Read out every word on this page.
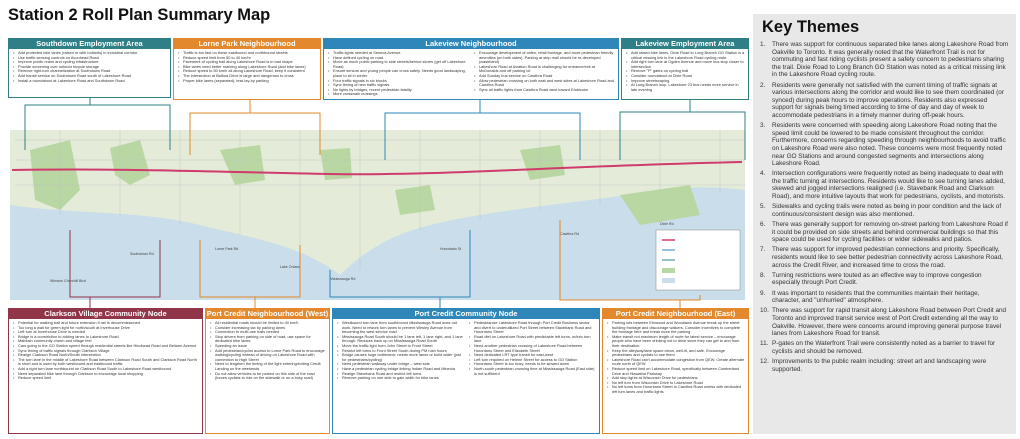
Lake Ontario
Winston Churchill Blvd
Southdown Rd
Lorne Park Rd
Mississauga Rd
Hurontario St
Cawthra Rd
Dixie Rd
Station 2 Roll Plan Summary Map
Southdown Employment Area
• Add protected bike lanes (raised or with bollards) in industrial corridor
• Use traffic sensing controls on Avonhead Road
• Improve public realm and cycling infrastructure
• Provide screening over outdoor bicycle storage
• Remove right-turn channelization at Southdown Road
• Add transit service on Southdown Road south of Lakeshore Road
• Install a roundabout at Lakeshore Road and Southdown Road
Lorne Park Neighbourhood
• Traffic is too fast on these eastbound and northbound streets
• Reduce speed limit from 50 to 40 km/hr
• Pavement of cycling trail along Lakeshore Road is in bad shape
• Bike lanes need better marking along Lakeshore Road (add bike lanes)
• Reduce speed to 50 km/h all along Lakeshore Road, keep it consistent
• The intersection at Balboa Drive is large and dangerous to cross
• Proper bike lanes (separated), less lay-by parking
Lakeview Neighbourhood
• Traffic lights needed at Seneca Avenue.
• Have defined cycling on road.
• Move as much public parking to side streets/behind stores (get off Lakeshore Road)
• Ensure seniors and young people can cross safely. Needs good landscaping, place to sit in winter
• Four traffic signals in six blocks
• Sync timing of new traffic signals
• No lights by bridges, recent pedestrian fatality
• More crosswalk crossings
• Encourage development of cafes, retail frontage, and more pedestrian friendly amenities (on both sides). Parking at strip mall should be re-developed (wasteland)
• Lakeshore Road at Aviation Road is challenging for entrance/exit at McDonalds and off parking lot
• Add Sunday bus service on Cawthra Road
• Allow pedestrian crossing on both east and west sides at Lakeshore Road and Cawthra Road
• Sync all traffic lights from Cawthra Road west toward Etobicoke
Lakeview Employment Area
• Add raised bike lanes, Dixie Road to Long Branch GO Station is a critical missing link in the Lakeshore Road cycling route
• Add right turn lane at Ogden Avenue and move bus stop closer to intersection
• Remove "P" gates on cycling trail
• Consider roundabout at Dixie Road
• Improve streetscaping
• At Long Branch loop, Lakeshore 23 bus needs more service in late evening
Clarkson Village Community Node
• Potential for walking trail and future extension if rail is decommissioned
• Too long a wait for green light for north/south at Inverhouse Drive
• Left turn at Inverhouse Drive is needed
• Bridge is a constriction to adding lanes to Lakeshore Road
• Maintain community charm and village feel
• Cars going to the GO Station speed through residential streets like Hindhead Road and Bellarm Avenue
• Sync timing of traffic signals through Clarkson Village
• Realign Clarkson Road North/South intersection
• The turn lane in the middle of Lakeshore Road between Clarkson Road South and Clarkson Road North is short and is used by both westbound and eastbound traffic
• Add a right turn lane northbound on Clarkson Road South to Lakeshore Road westbound
• Need separated bike lane through Clarkson to encourage local shopping
• Reduce speed limit
Port Credit Neighbourhood (West)
• All residential roads should be limited to 40 km/h
• Consider increasing tax by parking lanes
• Connection to multi-use trails needed
• Stop drivers from parking on side of road, use space for dedicated bike lanes
• Speeding an issue
• Add pedestrian/cyclist access to Lorne Park Road to encourage walking/cycling instead of driving on Lakeshore Road with connection to High Street
• Need to lengthen the timing of the light entering/exiting Credit Landing on the weekends
• Do not allow vehicles to be parked on this side of the road (forces cyclists to ride on the sidewalk or on a busy road)
Port Credit Community Node
• Westbound turn lane from southbound Mississauga Road does not work. Need to rework turn lanes to prevent Wesley Avenue from becoming the west service road
• Mississauga Road South should be 1 lane left, 1 lane right, and 1 lane through. Reduces back up on Mississauga Road South
• Move the traffic light from John Street to Front Street
• Restrict left turns to Front Street South during PM rush hours
• Bridge causes huge bottleneck: needs more lanes or build wider (just for pedestrians/cycling)
• Need pedestrian walkway under bridge – west side
• Have a pedestrian cycling bridge linking Indian Road and Mineola
• Realign Stavebank Road and restrict left turns
• Remove parking on one side to gain width for bike lanes
• Pedestrianize Lakeshore Road through Port Credit Business sector and divert to underutilized Port Street between Stavebank Road and Hurontario Street
• Road diet on Lakeshore Road with predictable left turns, or/into turn lane
• Need another pedestrian crossing of Lakeshore Road between Hurontario Street and Elizabeth Street
• Need dedicated LRT type transit for east-west
• Left turn required on Helene Street for access to GO Station
• Hurontario Street is too busy, needs to be slowed down
• North-south pedestrian crossing time at Mississauga Road (East side) is not sufficient
Port Credit Neighbourhood (East)
• Parking lots between Elmwood and Woodlawn Avenue break up the street building frontage and discourage walkers. Consider incentives to complete the frontage here and break more the parking
• Make transit not maximum length of route for latest service – encourage people who have been drinking not to drive since they can get to and from their destination
• Keep the alleyway/lane space clean, well-lit, and safe. Encourage pedestrians and cyclists to use them
• Lakeshore Road can't accommodate congestion from QEW. Create alternate route north of QEW
• Reduce speed limit on Lakeshore Road, specifically between Cumberland Drive and Hiawatha Parkway
• Add stop lights at Wisconsin Drive for pedestrians
• No left turn from Wisconsin Drive to Lakeshore Road
• No left turns from Hurontario Street to Cawthra Road unless with dedicated left turn lanes and traffic lights
Key Themes
1.	There was support for continuous separated bike lanes along Lakeshore Road from Oakville to Toronto. It was generally noted that the Waterfront Trail is not for commuting and fast riding cyclists present a safety concern to pedestrians sharing the trail. Dixie Road to Long Branch GO Station was noted as a critical missing link in the Lakeshore Road cycling route.
2.	Residents were generally not satisfied with the current timing of traffic signals at various intersections along the corridor and would like to see them coordinated (or synced) during peak hours to improve operations. Residents also expressed support for signals being timed according to time of day and day of week to accommodate pedestrians in a timely manner during off-peak hours.
3.	Residents were concerned with speeding along Lakeshore Road noting that the speed limit could be lowered to be made consistent throughout the corridor. Furthermore, concerns regarding speeding through neighbourhoods to avoid traffic on Lakeshore Road were also noted. These concerns were most frequently noted near GO Stations and around congested segments and intersections along Lakeshore Road.
4.	Intersection configurations were frequently noted as being inadequate to deal with the traffic turning at intersections. Residents would like to see turning lanes added, skewed and jogged intersections realigned (i.e. Stavebank Road and Clarkson Road), and more intuitive layouts that work for pedestrians, cyclists, and motorists.
5.	Sidewalks and cycling trails were noted as being in poor condition and the lack of continuous/consistent design was also mentioned.
6.	There was generally support for removing on-street parking from Lakeshore Road if it could be provided on side streets and behind commercial buildings so that this space could be used for cycling facilities or wider sidewalks and patios.
7.	There was support for improved pedestrian connections and priority. Specifically, residents would like to see better pedestrian connectivity across Lakeshore Road, across the Credit River, and increased time to cross the road.
8.	Turning restrictions were touted as an effective way to improve congestion especially through Port Credit.
9.	It was important to residents that the communities maintain their heritage, character, and "unhurried" atmosphere.
10. There was support for rapid transit along Lakeshore Road between Port Credit and Toronto and improved transit service west of Port Credit extending all the way to Oakville. However, there were concerns around improving general purpose travel lanes from Lakeshore Road for transit.
11. P-gates on the Waterfront Trail were consistently noted as a barrier to travel for cyclists and should be removed.
12. Improvements to the public realm including: street art and landscaping were supported.
